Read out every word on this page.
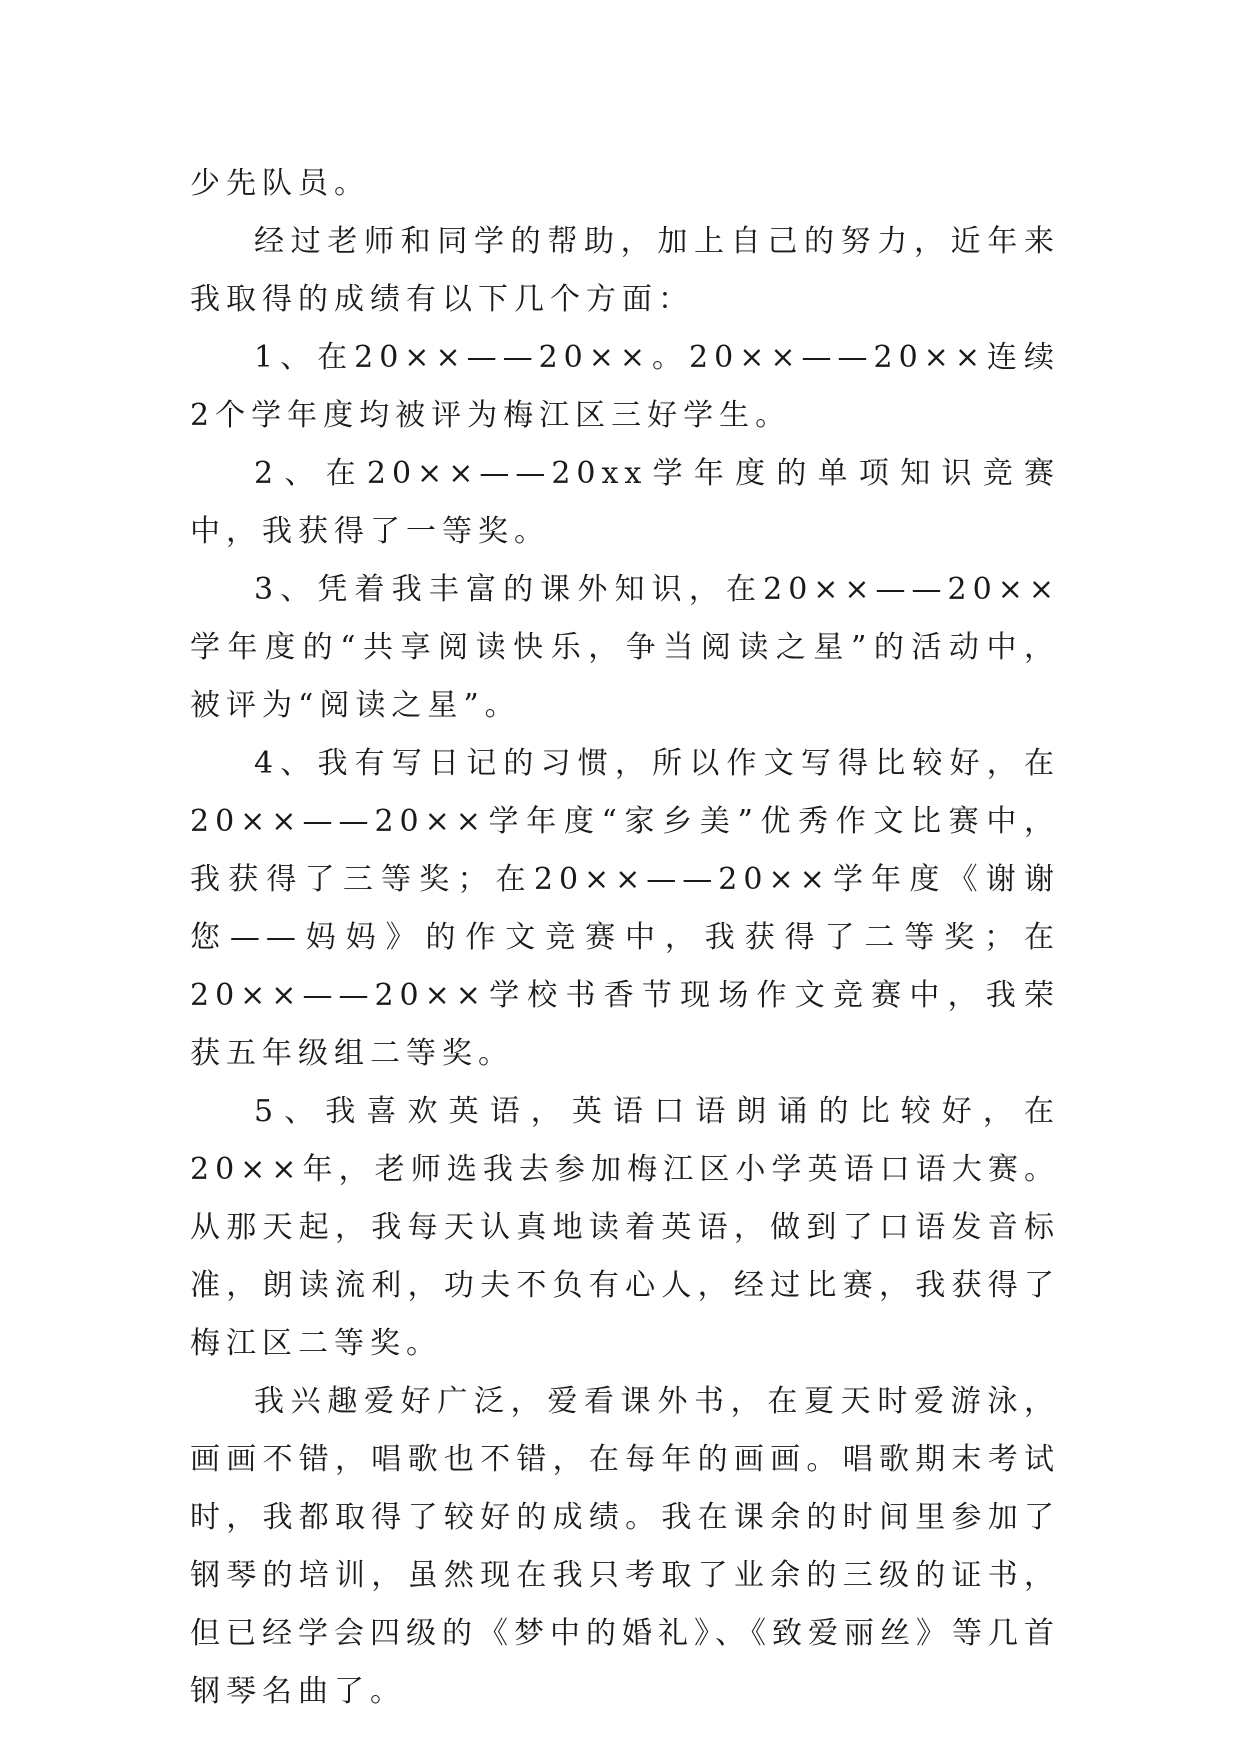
少先队员。

经过老师和同学的帮助，加上自己的努力，近年来我取得的成绩有以下几个方面：

1、在20××——20××。20××——20××连续2个学年度均被评为梅江区三好学生。

2、在20××——20xx学年度的单项知识竞赛中，我获得了一等奖。

3、凭着我丰富的课外知识，在20××——20××学年度的“共享阅读快乐，争当阅读之星”的活动中，被评为“阅读之星”。

4、我有写日记的习惯，所以作文写得比较好，在20××——20××学年度“家乡美”优秀作文比赛中，我获得了三等奖；在20××——20××学年度《谢谢您——妈妈》的作文竞赛中，我获得了二等奖；在20××——20××学校书香节现场作文竞赛中，我荣获五年级组二等奖。

5、我喜欢英语，英语口语朗诵的比较好，在20××年，老师选我去参加梅江区小学英语口语大赛。从那天起，我每天认真地读着英语，做到了口语发音标准，朗读流利，功夫不负有心人，经过比赛，我获得了梅江区二等奖。

我兴趣爱好广泛，爱看课外书，在夏天时爱游泳，画画不错，唱歌也不错，在每年的画画。唱歌期末考试时，我都取得了较好的成绩。我在课余的时间里参加了钢琴的培训，虽然现在我只考取了业余的三级的证书，但已经学会四级的《梦中的婚礼》、《致爱丽丝》等几首钢琴名曲了。
